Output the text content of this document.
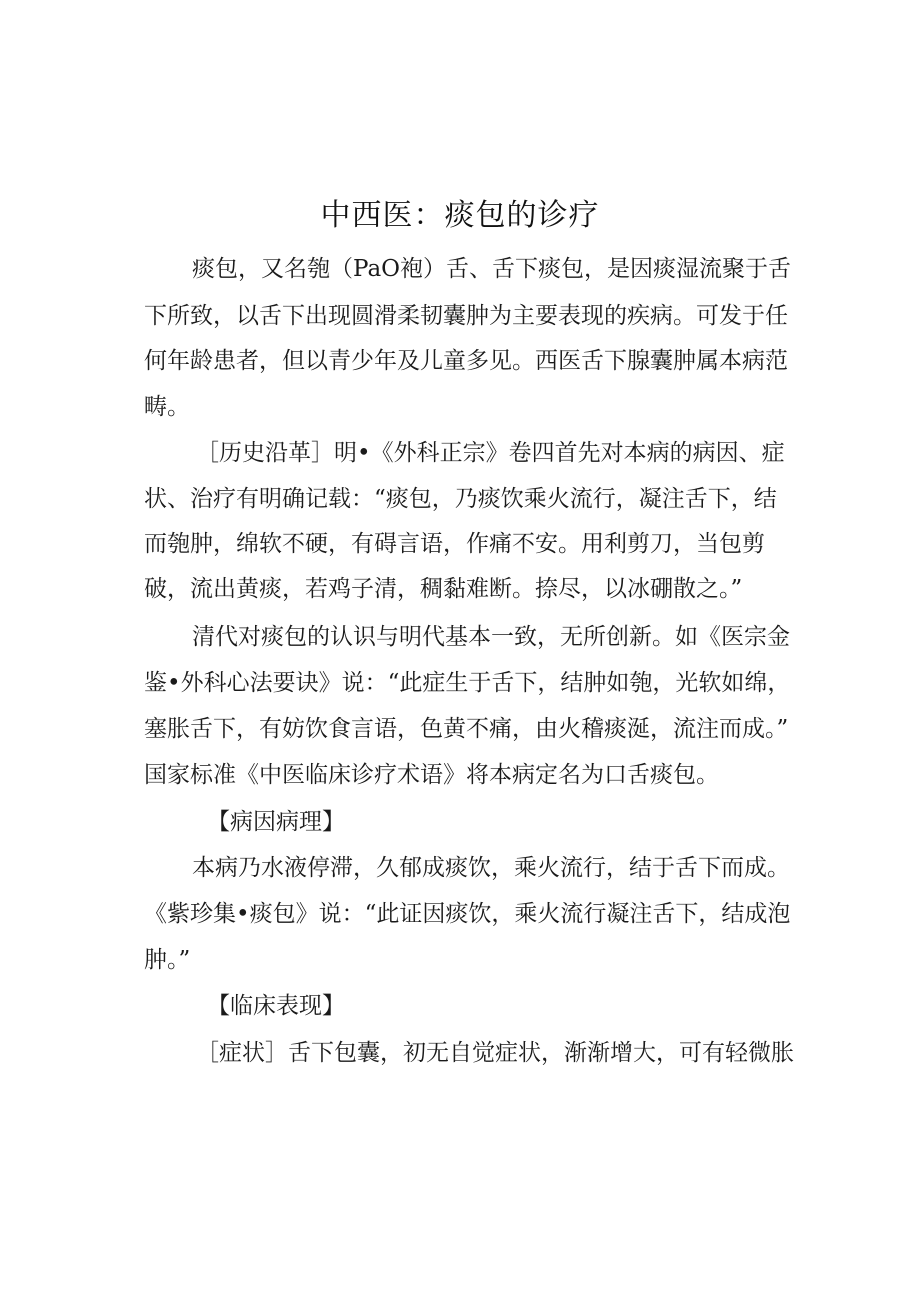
中西医：痰包的诊疗
痰包，又名匏（PaO袍）舌、舌下痰包，是因痰湿流聚于舌
下所致，以舌下出现圆滑柔韧囊肿为主要表现的疾病。可发于任
何年龄患者，但以青少年及儿童多见。西医舌下腺囊肿属本病范
畴。
［历史沿革］明•《外科正宗》卷四首先对本病的病因、症
状、治疗有明确记载：“痰包，乃痰饮乘火流行，凝注舌下，结
而匏肿，绵软不硬，有碍言语，作痛不安。用利剪刀，当包剪
破，流出黄痰，若鸡子清，稠黏难断。捺尽，以冰硼散之。”
清代对痰包的认识与明代基本一致，无所创新。如《医宗金
鉴•外科心法要诀》说：“此症生于舌下，结肿如匏，光软如绵，
塞胀舌下，有妨饮食言语，色黄不痛，由火稽痰涎，流注而成。”
国家标准《中医临床诊疗术语》将本病定名为口舌痰包。
【病因病理】
本病乃水液停滞，久郁成痰饮，乘火流行，结于舌下而成。
《紫珍集•痰包》说：“此证因痰饮，乘火流行凝注舌下，结成泡
肿。”
【临床表现】
［症状］舌下包囊，初无自觉症状，渐渐增大，可有轻微胀
